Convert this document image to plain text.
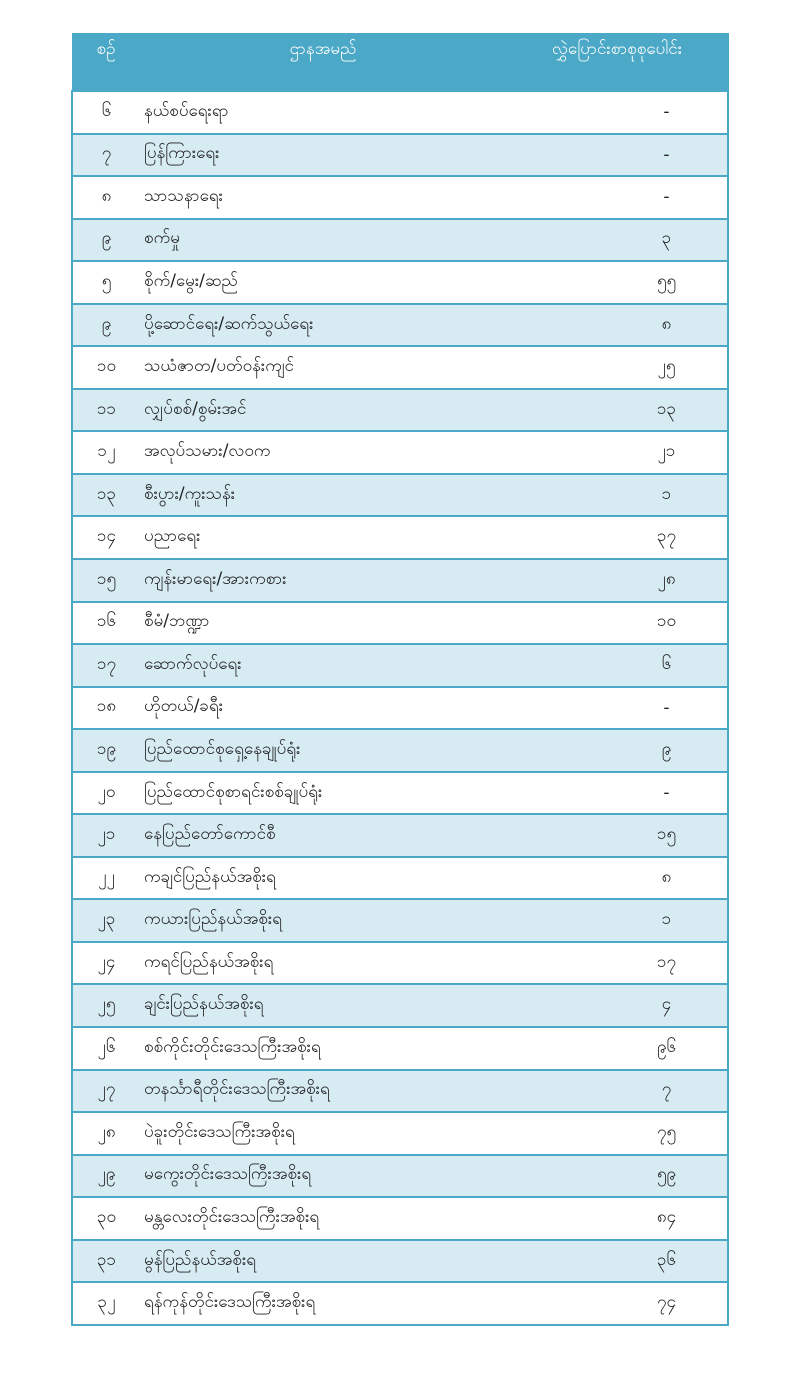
စဉ်	ဌာနအမည်	လွှဲပြောင်းစာစုစုပေါင်း
၆	နယ်စပ်ရေးရာ	-
၇	ပြန်ကြားရေး	-
၈	သာသနာရေး	-
၉	စက်မှု	၃
၅	စိုက်/မွေး/ဆည်	၅၅
၉	ပို့ဆောင်ရေး/ဆက်သွယ်ရေး	၈
၁၀	သယံဇာတ/ပတ်ဝန်းကျင်	၂၅
၁၁	လျှပ်စစ်/စွမ်းအင်	၁၃
၁၂	အလုပ်သမား/လဝက	၂၁
၁၃	စီးပွား/ကူးသန်း	၁
၁၄	ပညာရေး	၃၇
၁၅	ကျန်းမာရေး/အားကစား	၂၈
၁၆	စီမံ/ဘဏ္ဍာ	၁၀
၁၇	ဆောက်လုပ်ရေး	၆
၁၈	ဟိုတယ်/ခရီး	-
၁၉	ပြည်ထောင်စုရှေ့နေချုပ်ရုံး	၉
၂၀	ပြည်ထောင်စုစာရင်းစစ်ချုပ်ရုံး	-
၂၁	နေပြည်တော်ကောင်စီ	၁၅
၂၂	ကချင်ပြည်နယ်အစိုးရ	၈
၂၃	ကယားပြည်နယ်အစိုးရ	၁
၂၄	ကရင်ပြည်နယ်အစိုးရ	၁၇
၂၅	ချင်းပြည်နယ်အစိုးရ	၄
၂၆	စစ်ကိုင်းတိုင်းဒေသကြီးအစိုးရ	၉၆
၂၇	တနင်္သာရီတိုင်းဒေသကြီးအစိုးရ	၇
၂၈	ပဲခူးတိုင်းဒေသကြီးအစိုးရ	၇၅
၂၉	မကွေးတိုင်းဒေသကြီးအစိုးရ	၅၉
၃၀	မန္တလေးတိုင်းဒေသကြီးအစိုးရ	၈၄
၃၁	မွန်ပြည်နယ်အစိုးရ	၃၆
၃၂	ရန်ကုန်တိုင်းဒေသကြီးအစိုးရ	၇၄
